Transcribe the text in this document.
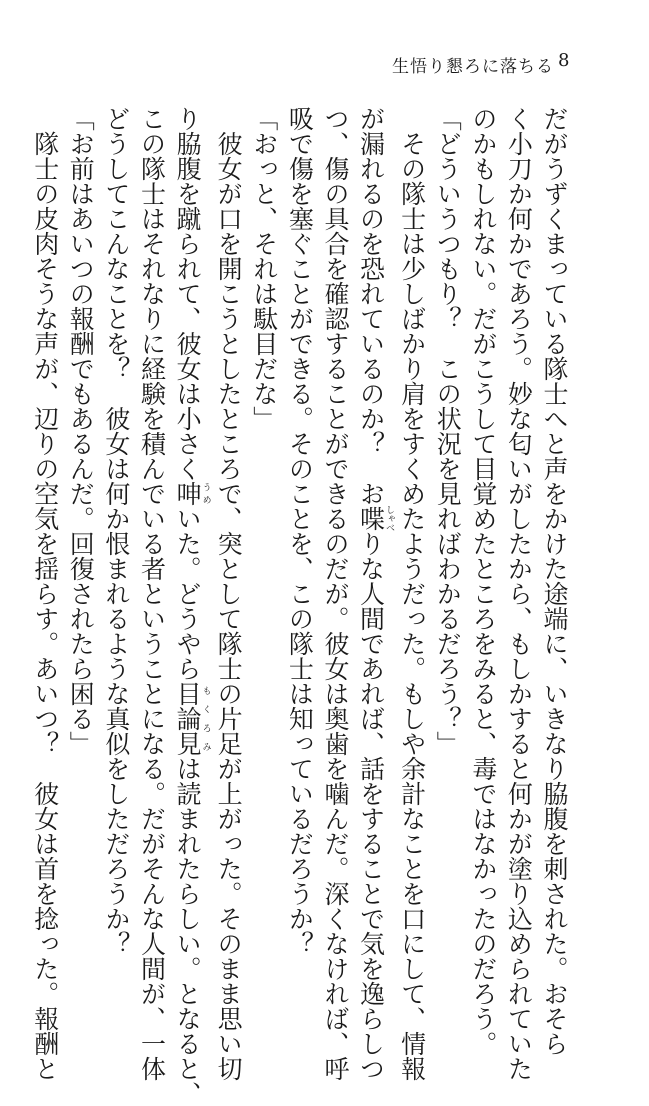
生悟り懇ろに落ちる 8
だがうずくまっている隊士へと声をかけた途端に、いきなり脇腹を刺された。おそら
く小刀か何かであろう。妙な匂いがしたから、もしかすると何かが塗り込められていた
のかもしれない。だがこうして目覚めたところをみると、毒ではなかったのだろう。
「どういうつもり？　この状況を見ればわかるだろう？」
その隊士は少しばかり肩をすくめたようだった。もしや余計なことを口にして、情報
が漏れるのを恐れているのか？　お喋しゃべりな人間であれば、話をすることで気を逸らしつ
つ、傷の具合を確認することができるのだが。彼女は奥歯を噛んだ。深くなければ、呼
吸で傷を塞ぐことができる。そのことを、この隊士は知っているだろうか？
「おっと、それは駄目だな」
彼女が口を開こうとしたところで、突として隊士の片足が上がった。そのまま思い切
り脇腹を蹴られて、彼女は小さく呻うめいた。どうやら目論見もくろみは読まれたらしい。となると、
この隊士はそれなりに経験を積んでいる者ということになる。だがそんな人間が、一体
どうしてこんなことを？　彼女は何か恨まれるような真似をしただろうか？
「お前はあいつの報酬でもあるんだ。回復されたら困る」
隊士の皮肉そうな声が、辺りの空気を揺らす。あいつ？　彼女は首を捻った。報酬と
